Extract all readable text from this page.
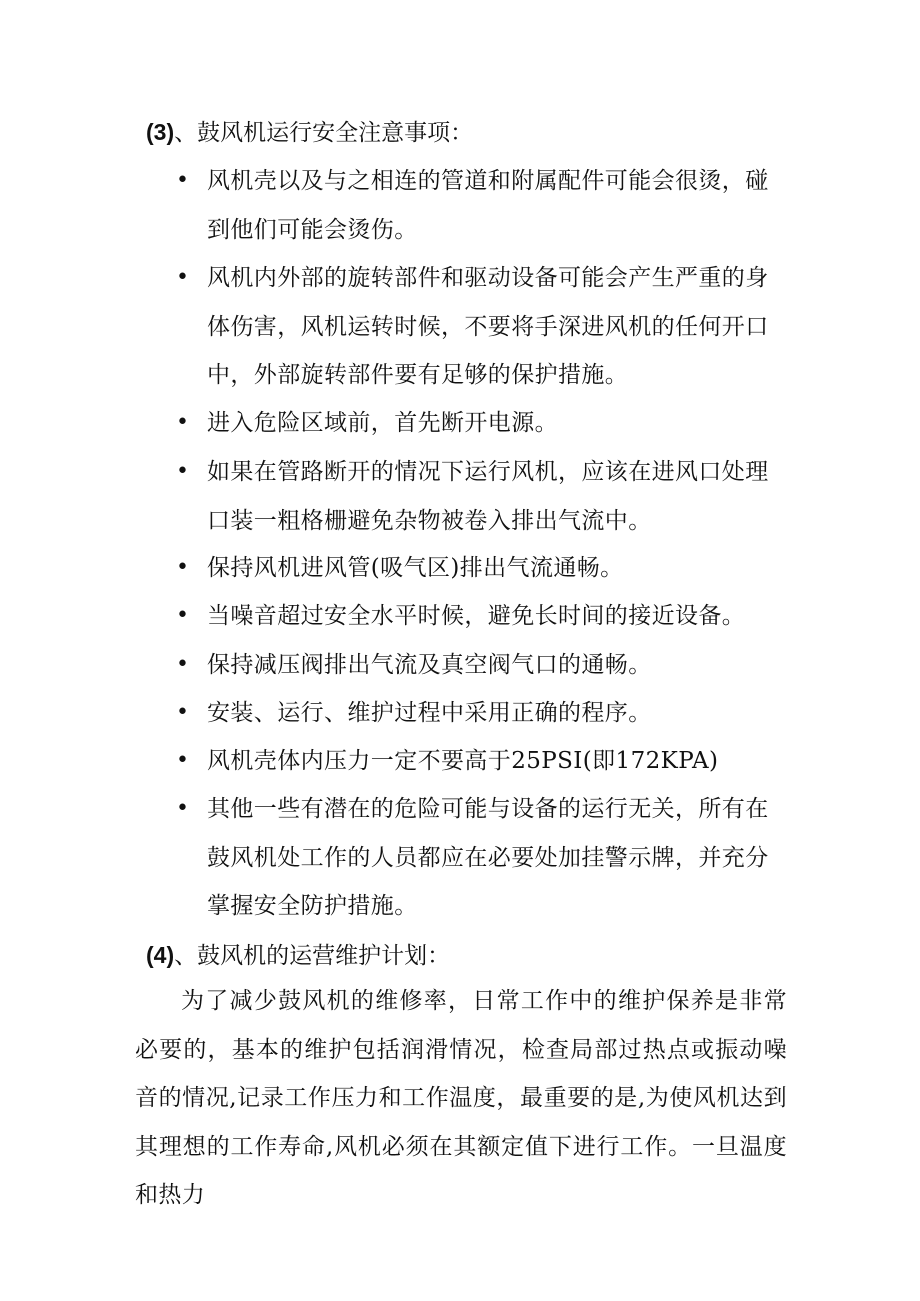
(3)、鼓风机运行安全注意事项：
• 风机壳以及与之相连的管道和附属配件可能会很烫，碰到他们可能会烫伤。
• 风机内外部的旋转部件和驱动设备可能会产生严重的身体伤害，风机运转时候，不要将手深进风机的任何开口中，外部旋转部件要有足够的保护措施。
• 进入危险区域前，首先断开电源。
• 如果在管路断开的情况下运行风机，应该在进风口处理口装一粗格栅避免杂物被卷入排出气流中。
• 保持风机进风管(吸气区)排出气流通畅。
• 当噪音超过安全水平时候，避免长时间的接近设备。
• 保持减压阀排出气流及真空阀气口的通畅。
• 安装、运行、维护过程中采用正确的程序。
• 风机壳体内压力一定不要高于25PSI(即172KPA)
• 其他一些有潜在的危险可能与设备的运行无关，所有在鼓风机处工作的人员都应在必要处加挂警示牌，并充分掌握安全防护措施。
(4)、鼓风机的运营维护计划：
为了减少鼓风机的维修率，日常工作中的维护保养是非常必要的，基本的维护包括润滑情况，检查局部过热点或振动噪音的情况,记录工作压力和工作温度，最重要的是,为使风机达到其理想的工作寿命,风机必须在其额定值下进行工作。一旦温度和热力
